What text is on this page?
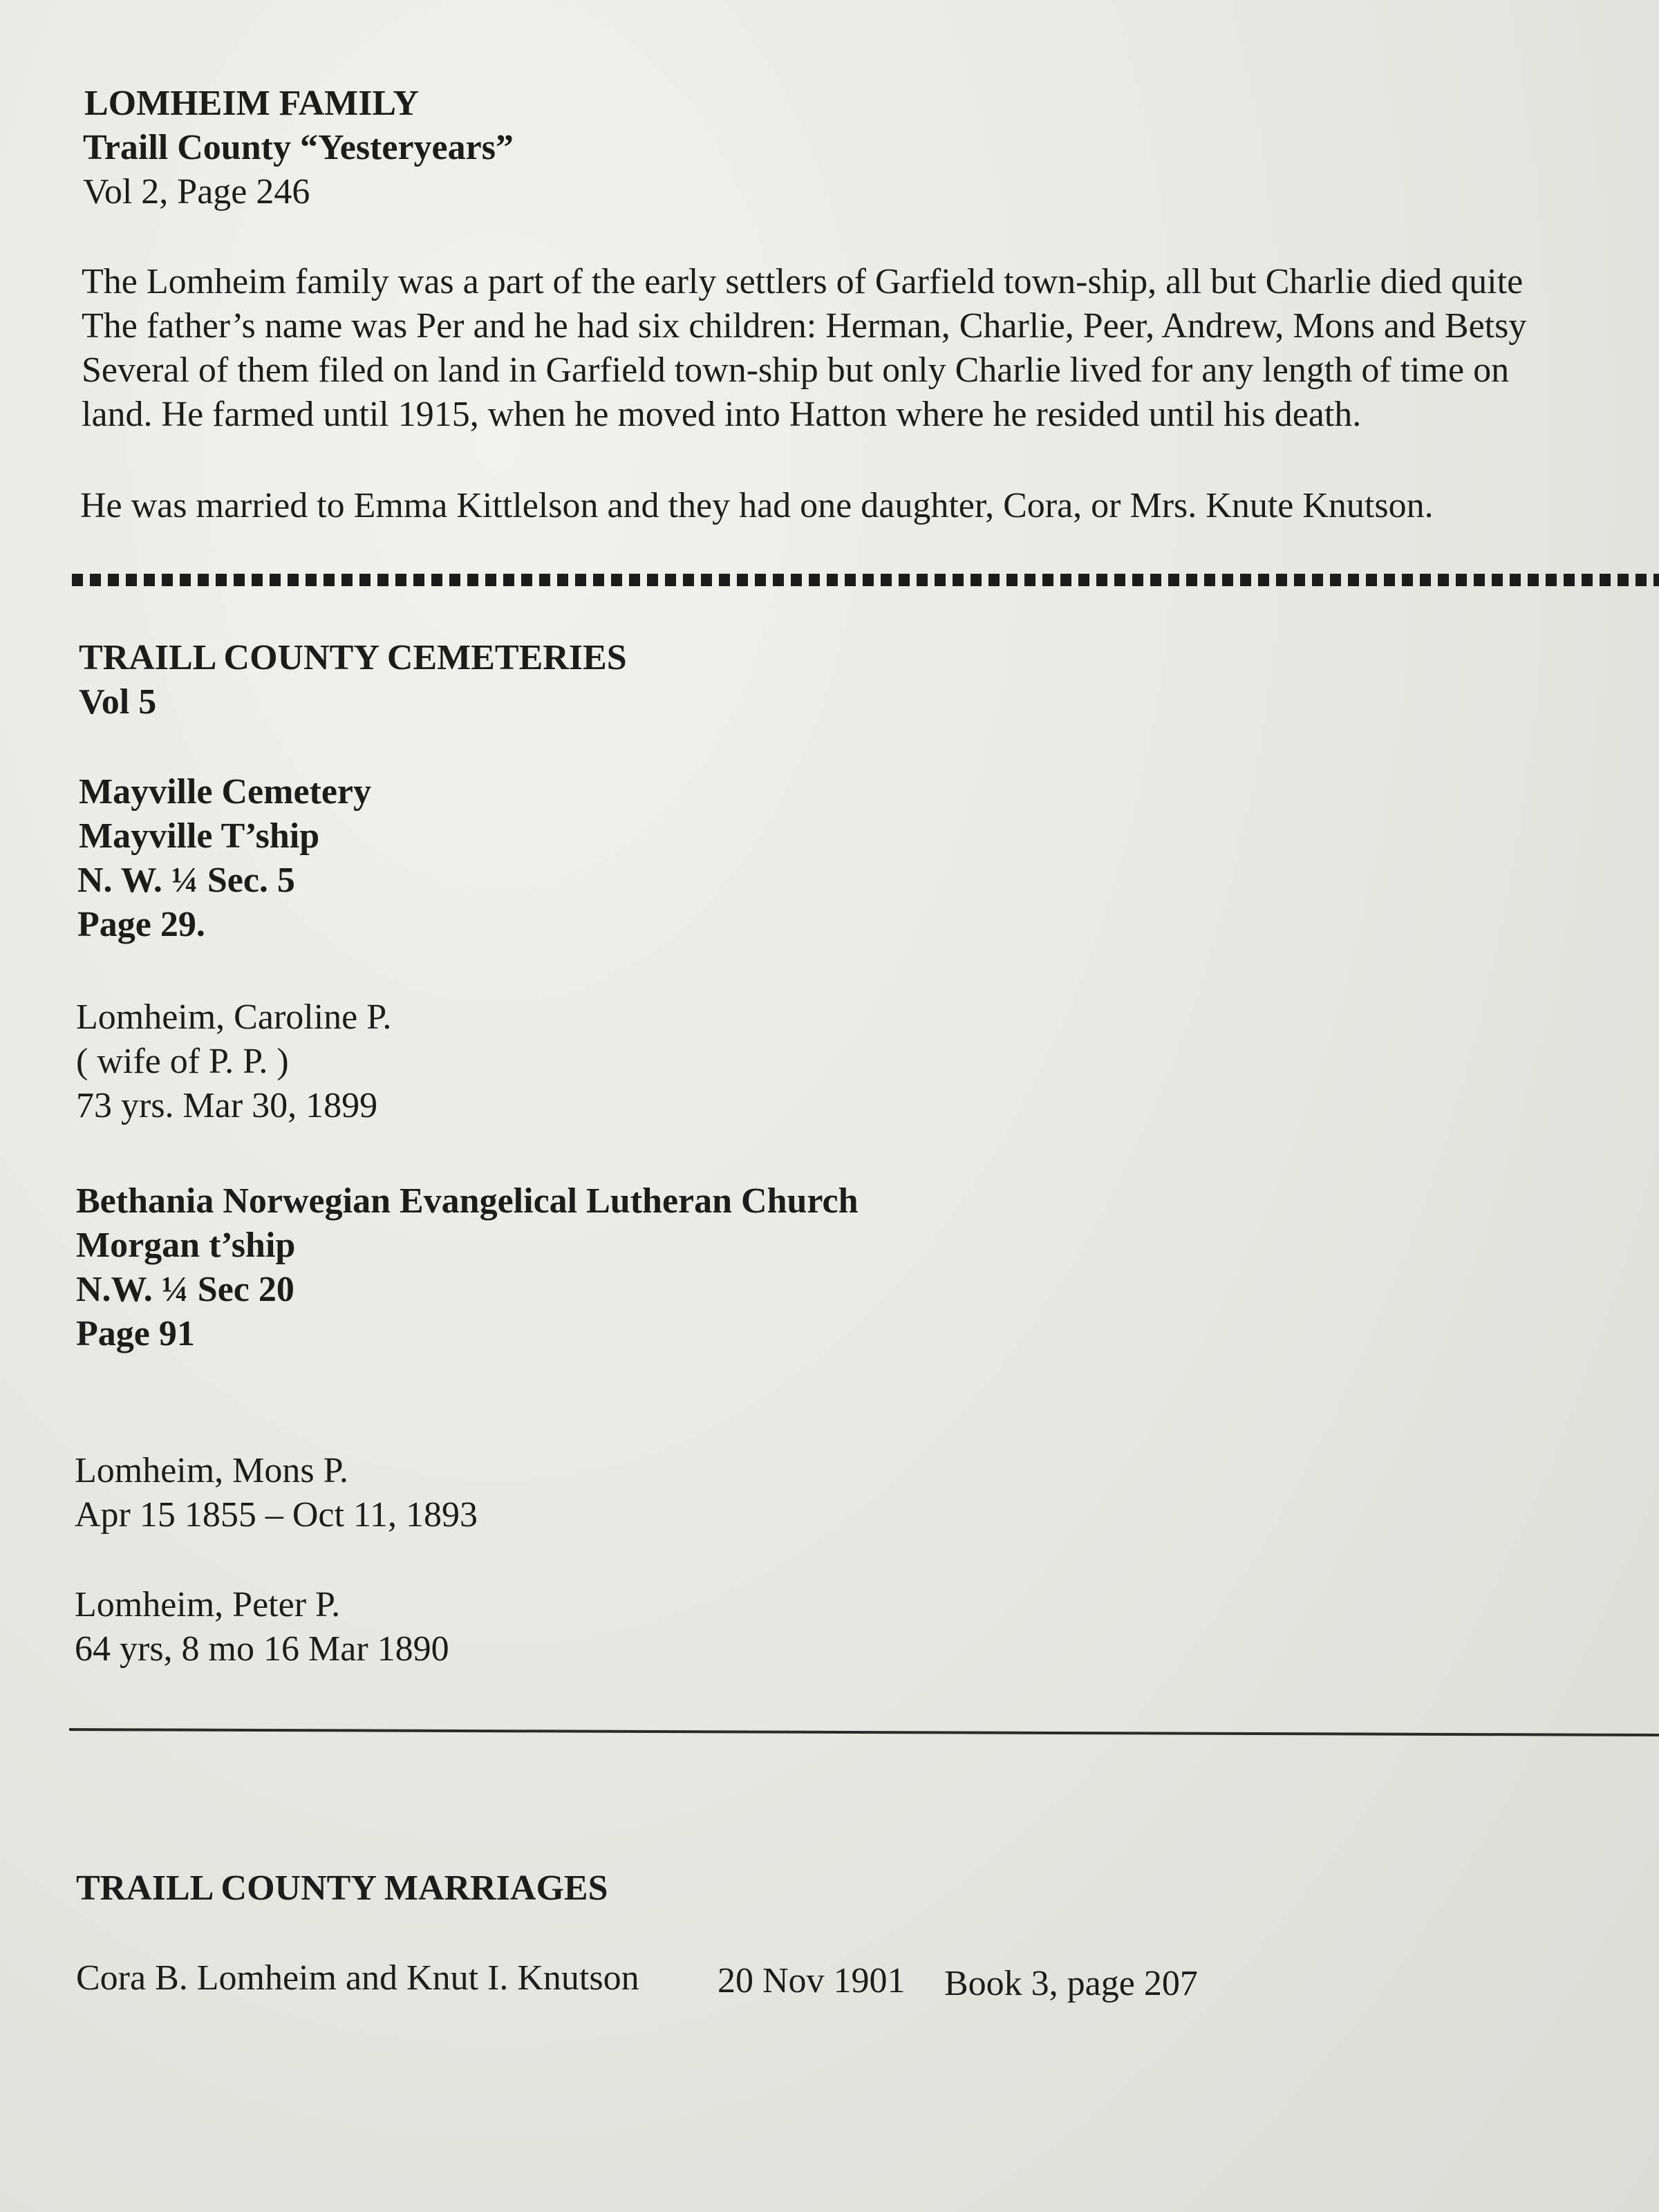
LOMHEIM FAMILY
Traill County “Yesteryears”
Vol 2, Page 246
The Lomheim family was a part of the early settlers of Garfield town-ship, all but Charlie died quite
The father’s name was Per and he had six children: Herman, Charlie, Peer, Andrew, Mons and Betsy
Several of them filed on land in Garfield town-ship but only Charlie lived for any length of time on
land. He farmed until 1915, when he moved into Hatton where he resided until his death.
He was married to Emma Kittlelson and they had one daughter, Cora, or Mrs. Knute Knutson.
TRAILL COUNTY CEMETERIES
Vol 5
Mayville Cemetery
Mayville T’ship
N. W. ¼ Sec. 5
Page 29.
Lomheim, Caroline P.
( wife of P. P. )
73 yrs. Mar 30, 1899
Bethania Norwegian Evangelical Lutheran Church
Morgan t’ship
N.W. ¼ Sec 20
Page 91
Lomheim, Mons P.
Apr 15 1855 – Oct 11, 1893
Lomheim, Peter P.
64 yrs, 8 mo 16 Mar 1890
TRAILL COUNTY MARRIAGES
Cora B. Lomheim and Knut I. Knutson 20 Nov 1901 Book 3, page 207
